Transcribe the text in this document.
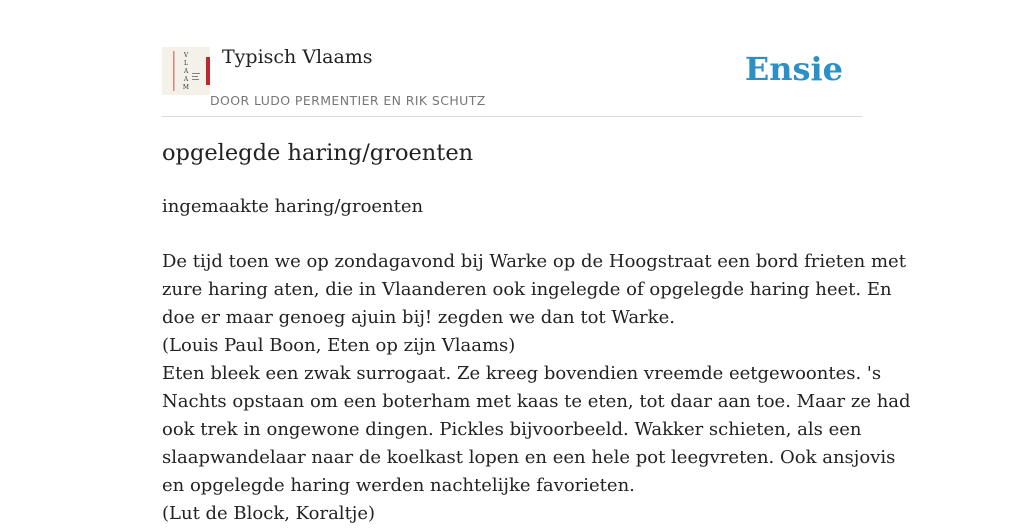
V
L
A
A
M
Typisch Vlaams
DOOR LUDO PERMENTIER EN RIK SCHUTZ
Ensie
opgelegde haring/groenten
ingemaakte haring/groenten

De tijd toen we op zondagavond bij Warke op de Hoogstraat een bord frieten met

zure haring aten, die in Vlaanderen ook ingelegde of opgelegde haring heet. En

doe er maar genoeg ajuin bij! zegden we dan tot Warke.

(Louis Paul Boon, Eten op zijn Vlaams)

Eten bleek een zwak surrogaat. Ze kreeg bovendien vreemde eetgewoontes. 's

Nachts opstaan om een boterham met kaas te eten, tot daar aan toe. Maar ze had

ook trek in ongewone dingen. Pickles bijvoorbeeld. Wakker schieten, als een

slaapwandelaar naar de koelkast lopen en een hele pot leegvreten. Ook ansjovis

en opgelegde haring werden nachtelijke favorieten.

(Lut de Block, Koraltje)
